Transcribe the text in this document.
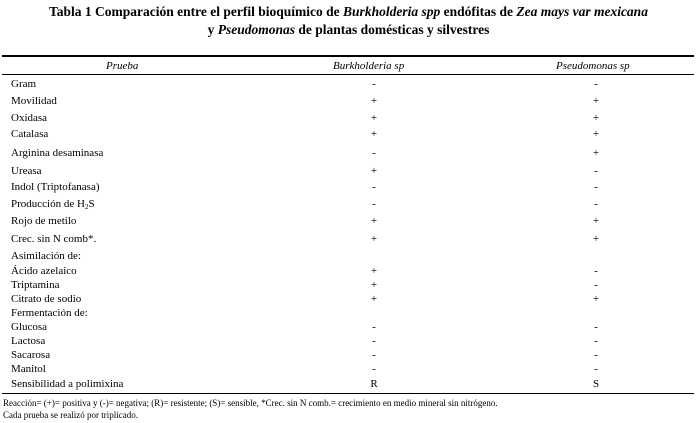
Tabla 1 Comparación entre el perfil bioquímico de Burkholderia spp endófitas de Zea mays var mexicana
y Pseudomonas de plantas domésticas y silvestres
Prueba	Burkholderia sp	Pseudomonas sp
Gram	-	-
Movilidad	+	+
Oxidasa	+	+
Catalasa	+	+
Arginina desaminasa	-	+
Ureasa	+	-
Indol (Triptofanasa)	-	-
Producción de $H_2S$	-	-
Rojo de metilo	+	+
Crec. sin N comb*.	+	+
Asimilación de:
Ácido azelaico	+	-
Triptamina	+	-
Citrato de sodio	+	+
Fermentación de:
Glucosa	-	-
Lactosa	-	-
Sacarosa	-	-
Manitol	-	-
Sensibilidad a polimixina	R	S
Reacción= (+)= positiva y (-)= negativa; (R)= resistente; (S)= sensible, *Crec. sin N comb.= crecimiento en medio mineral sin nitrógeno.
Cada prueba se realizó por triplicado.
